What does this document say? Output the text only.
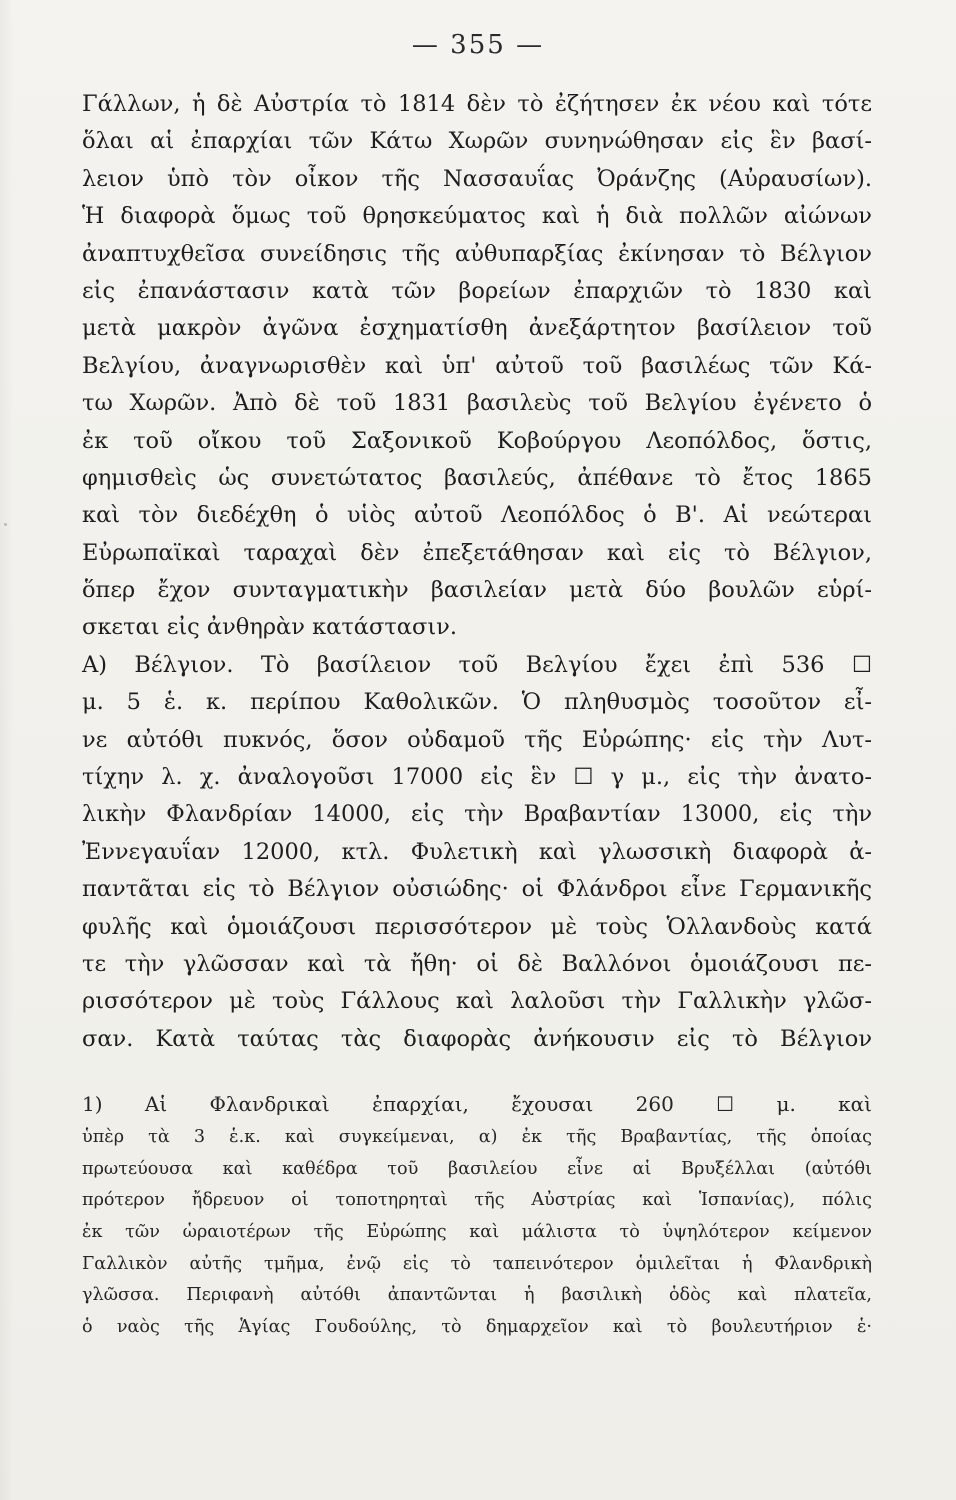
— 355 —
Γάλλων, ἡ δὲ Αὐστρία τὸ 1814 δὲν τὸ ἐζήτησεν ἐκ νέου καὶ τότε
ὅλαι αἱ ἐπαρχίαι τῶν Κάτω Χωρῶν συνηνώθησαν εἰς ἓν βασί-
λειον ὑπὸ τὸν οἶκον τῆς Νασσαυΐας Ὀράνζης (Αὐραυσίων).
Ἡ διαφορὰ ὅμως τοῦ θρησκεύματος καὶ ἡ διὰ πολλῶν αἰώνων
ἀναπτυχθεῖσα συνείδησις τῆς αὐθυπαρξίας ἐκίνησαν τὸ Βέλγιον
εἰς ἐπανάστασιν κατὰ τῶν βορείων ἐπαρχιῶν τὸ 1830 καὶ
μετὰ μακρὸν ἀγῶνα ἐσχηματίσθη ἀνεξάρτητον βασίλειον τοῦ
Βελγίου, ἀναγνωρισθὲν καὶ ὑπ' αὐτοῦ τοῦ βασιλέως τῶν Κά-
τω Χωρῶν. Ἀπὸ δὲ τοῦ 1831 βασιλεὺς τοῦ Βελγίου ἐγένετο ὁ
ἐκ τοῦ οἴκου τοῦ Σαξονικοῦ Κοβούργου Λεοπόλδος, ὅστις,
φημισθεὶς ὡς συνετώτατος βασιλεύς, ἀπέθανε τὸ ἔτος 1865
καὶ τὸν διεδέχθη ὁ υἱὸς αὐτοῦ Λεοπόλδος ὁ Β'. Αἱ νεώτεραι
Εὐρωπαϊκαὶ ταραχαὶ δὲν ἐπεξετάθησαν καὶ εἰς τὸ Βέλγιον,
ὅπερ ἔχον συνταγματικὴν βασιλείαν μετὰ δύο βουλῶν εὑρί-
σκεται εἰς ἀνθηρὰν κατάστασιν.
Α) Βέλγιον. Τὸ βασίλειον τοῦ Βελγίου ἔχει ἐπὶ 536 ☐
μ. 5 ἑ. κ. περίπου Καθολικῶν. Ὁ πληθυσμὸς τοσοῦτον εἶ-
νε αὐτόθι πυκνός, ὅσον οὐδαμοῦ τῆς Εὐρώπης· εἰς τὴν Λυτ-
τίχην λ. χ. ἀναλογοῦσι 17000 εἰς ἓν ☐ γ μ., εἰς τὴν ἀνατο-
λικὴν Φλανδρίαν 14000, εἰς τὴν Βραβαντίαν 13000, εἰς τὴν
Ἐννεγαυΐαν 12000, κτλ. Φυλετικὴ καὶ γλωσσικὴ διαφορὰ ἀ-
παντᾶται εἰς τὸ Βέλγιον οὐσιώδης· οἱ Φλάνδροι εἶνε Γερμανικῆς
φυλῆς καὶ ὁμοιάζουσι περισσότερον μὲ τοὺς Ὁλλανδοὺς κατά
τε τὴν γλῶσσαν καὶ τὰ ἤθη· οἱ δὲ Βαλλόνοι ὁμοιάζουσι πε-
ρισσότερον μὲ τοὺς Γάλλους καὶ λαλοῦσι τὴν Γαλλικὴν γλῶσ-
σαν. Κατὰ ταύτας τὰς διαφορὰς ἀνήκουσιν εἰς τὸ Βέλγιον
1) Αἱ Φλανδρικαὶ ἐπαρχίαι, ἔχουσαι 260 ☐ μ. καὶ
ὑπὲρ τὰ 3 ἑ.κ. καὶ συγκείμεναι, α) ἐκ τῆς Βραβαντίας, τῆς ὁποίας
πρωτεύουσα καὶ καθέδρα τοῦ βασιλείου εἶνε αἱ Βρυξέλλαι (αὐτόθι
πρότερον ἤδρευον οἱ τοποτηρηταὶ τῆς Αὐστρίας καὶ Ἱσπανίας), πόλις
ἐκ τῶν ὡραιοτέρων τῆς Εὐρώπης καὶ μάλιστα τὸ ὑψηλότερον κείμενον
Γαλλικὸν αὐτῆς τμῆμα, ἐνῷ εἰς τὸ ταπεινότερον ὁμιλεῖται ἡ Φλανδρικὴ
γλῶσσα. Περιφανὴ αὐτόθι ἀπαντῶνται ἡ βασιλικὴ ὁδὸς καὶ πλατεῖα,
ὁ ναὸς τῆς Ἁγίας Γουδούλης, τὸ δημαρχεῖον καὶ τὸ βουλευτήριον ἑ·
